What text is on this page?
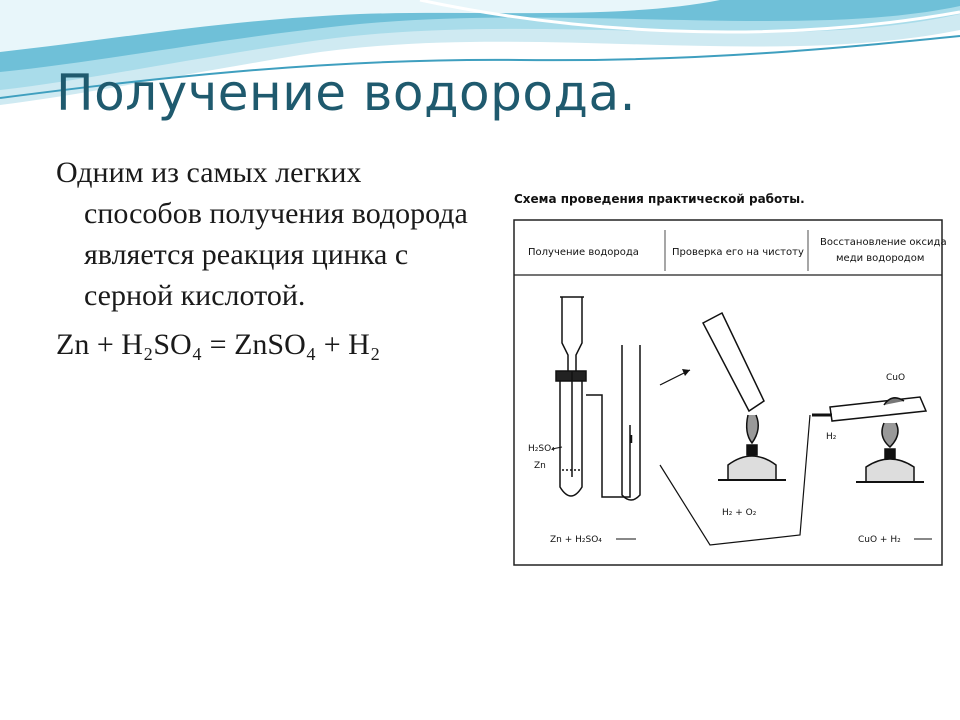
Получение водорода.

Одним из самых легких способов получения водорода является реакция цинка с серной кислотой.

Zn + H₂SO₄ = ZnSO₄ + H₂

Схема проведения практической работы.
Получение водорода	Проверка его на чистоту
Восстановление оксида
меди водородом
H₂SO₄
Zn
H₂ + O₂
CuO
H₂
Zn + H₂SO₄	CuO + H₂
